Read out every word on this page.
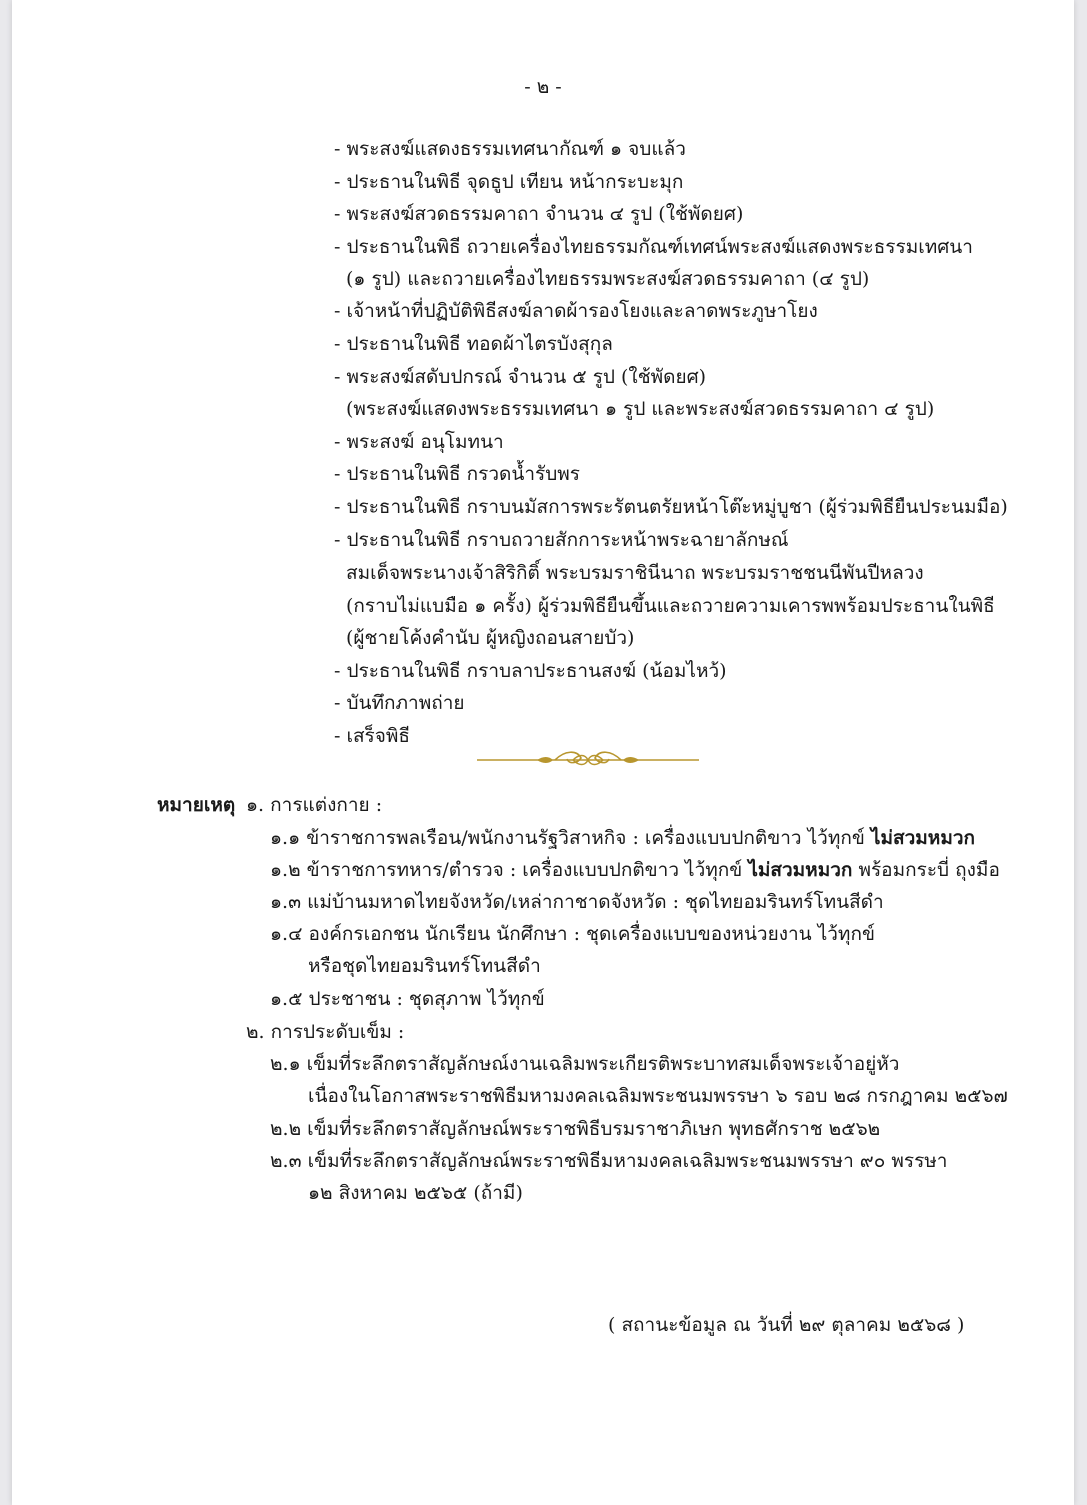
- ๒ -
- พระสงฆ์แสดงธรรมเทศนากัณฑ์ ๑ จบแล้ว
- ประธานในพิธี จุดธูป เทียน หน้ากระบะมุก
- พระสงฆ์สวดธรรมคาถา จำนวน ๔ รูป (ใช้พัดยศ)
- ประธานในพิธี ถวายเครื่องไทยธรรมกัณฑ์เทศน์พระสงฆ์แสดงพระธรรมเทศนา
(๑ รูป) และถวายเครื่องไทยธรรมพระสงฆ์สวดธรรมคาถา (๔ รูป)
- เจ้าหน้าที่ปฏิบัติพิธีสงฆ์ลาดผ้ารองโยงและลาดพระภูษาโยง
- ประธานในพิธี ทอดผ้าไตรบังสุกุล
- พระสงฆ์สดับปกรณ์ จำนวน ๕ รูป (ใช้พัดยศ)
(พระสงฆ์แสดงพระธรรมเทศนา ๑ รูป และพระสงฆ์สวดธรรมคาถา ๔ รูป)
- พระสงฆ์ อนุโมทนา
- ประธานในพิธี กรวดน้ำรับพร
- ประธานในพิธี กราบนมัสการพระรัตนตรัยหน้าโต๊ะหมู่บูชา (ผู้ร่วมพิธียืนประนมมือ)
- ประธานในพิธี กราบถวายสักการะหน้าพระฉายาลักษณ์
สมเด็จพระนางเจ้าสิริกิติ์ พระบรมราชินีนาถ พระบรมราชชนนีพันปีหลวง
(กราบไม่แบมือ ๑ ครั้ง) ผู้ร่วมพิธียืนขึ้นและถวายความเคารพพร้อมประธานในพิธี
(ผู้ชายโค้งคำนับ ผู้หญิงถอนสายบัว)
- ประธานในพิธี กราบลาประธานสงฆ์ (น้อมไหว้)
- บันทึกภาพถ่าย
- เสร็จพิธี
หมายเหตุ ๑. การแต่งกาย :
๑.๑ ข้าราชการพลเรือน/พนักงานรัฐวิสาหกิจ : เครื่องแบบปกติขาว ไว้ทุกข์ ไม่สวมหมวก
๑.๒ ข้าราชการทหาร/ตำรวจ : เครื่องแบบปกติขาว ไว้ทุกข์ ไม่สวมหมวก พร้อมกระบี่ ถุงมือ
๑.๓ แม่บ้านมหาดไทยจังหวัด/เหล่ากาชาดจังหวัด : ชุดไทยอมรินทร์โทนสีดำ
๑.๔ องค์กรเอกชน นักเรียน นักศึกษา : ชุดเครื่องแบบของหน่วยงาน ไว้ทุกข์
หรือชุดไทยอมรินทร์โทนสีดำ
๑.๕ ประชาชน : ชุดสุภาพ ไว้ทุกข์
๒. การประดับเข็ม :
๒.๑ เข็มที่ระลึกตราสัญลักษณ์งานเฉลิมพระเกียรติพระบาทสมเด็จพระเจ้าอยู่หัว
เนื่องในโอกาสพระราชพิธีมหามงคลเฉลิมพระชนมพรรษา ๖ รอบ ๒๘ กรกฎาคม ๒๕๖๗
๒.๒ เข็มที่ระลึกตราสัญลักษณ์พระราชพิธีบรมราชาภิเษก พุทธศักราช ๒๕๖๒
๒.๓ เข็มที่ระลึกตราสัญลักษณ์พระราชพิธีมหามงคลเฉลิมพระชนมพรรษา ๙๐ พรรษา
๑๒ สิงหาคม ๒๕๖๕ (ถ้ามี)
( สถานะข้อมูล ณ วันที่ ๒๙ ตุลาคม ๒๕๖๘ )
